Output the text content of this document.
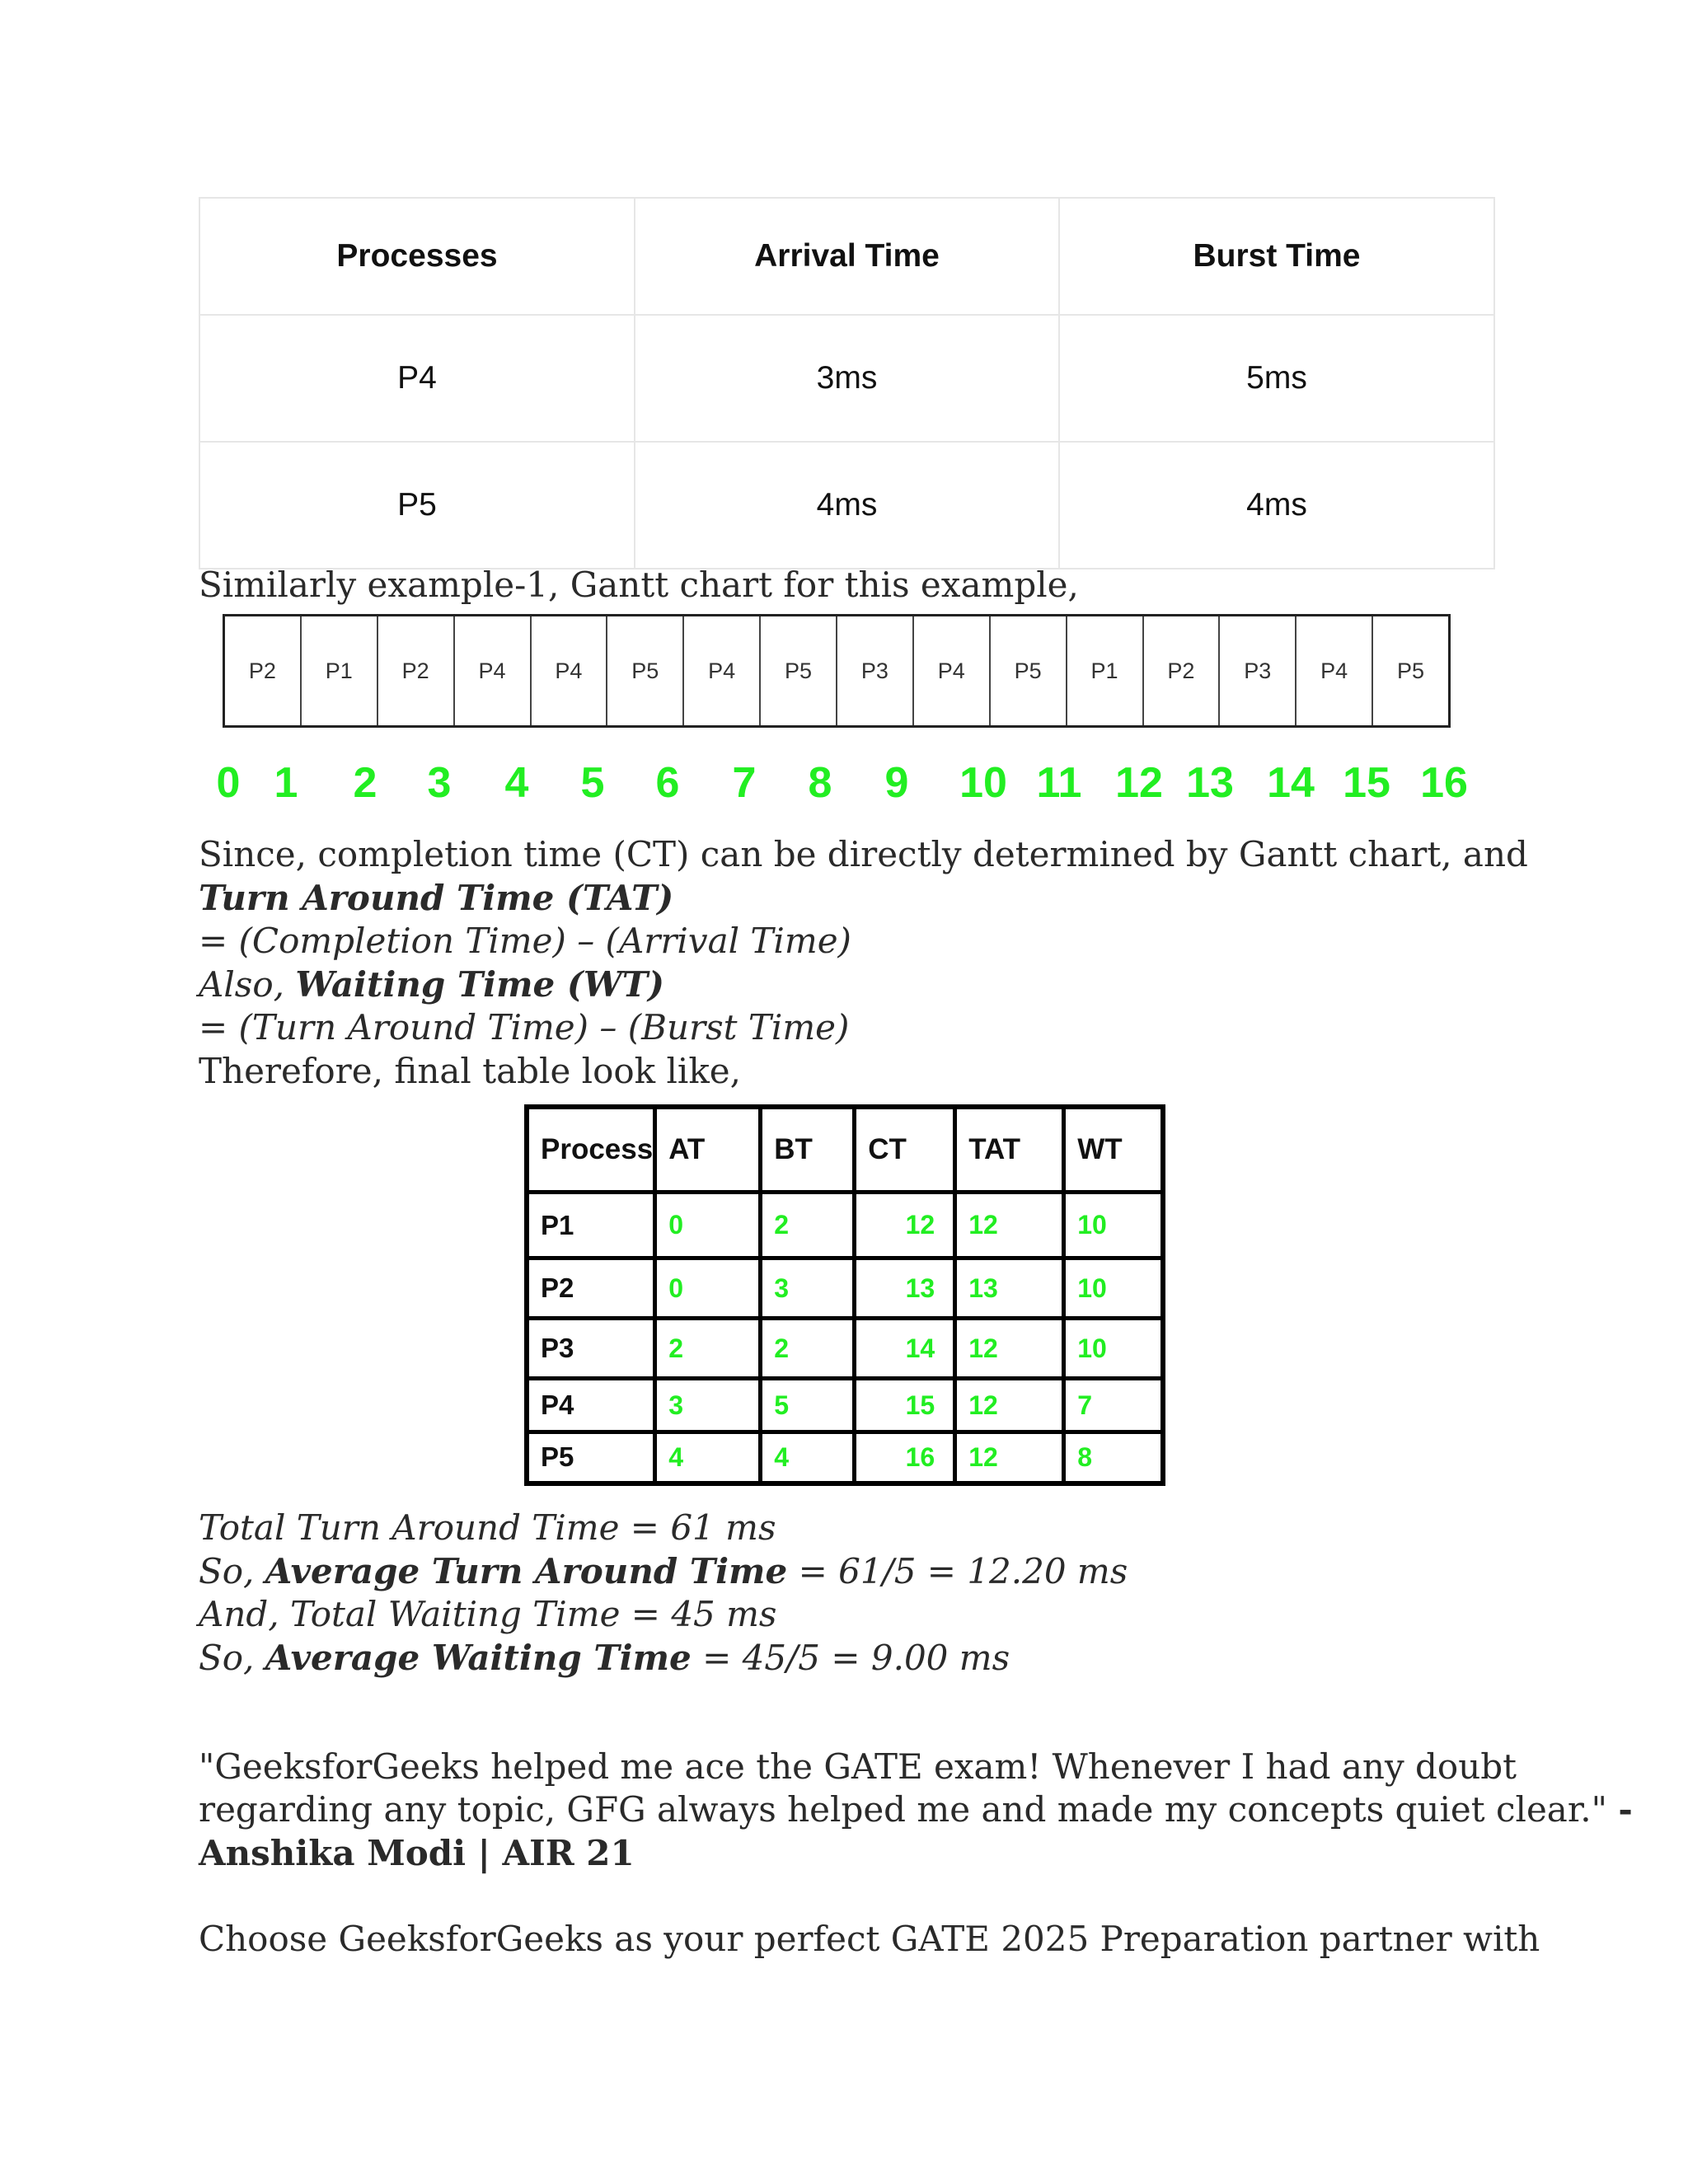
Processes	Arrival Time	Burst Time
P4	3ms	5ms
P5	4ms	4ms
Similarly example-1, Gantt chart for this example,
P2	P1	P2	P4	P4	P5	P4	P5	P3	P4	P5	P1	P2	P3	P4	P5
0 1 2 3 4 5 6 7 8 9 10 11 12 13 14 15 16
Since, completion time (CT) can be directly determined by Gantt chart, and
Turn Around Time (TAT)
= (Completion Time) – (Arrival Time)
Also, Waiting Time (WT)
= (Turn Around Time) – (Burst Time)
Therefore, final table look like,
Process	AT	BT	CT	TAT	WT
P1	0	2	12	12	10
P2	0	3	13	13	10
P3	2	2	14	12	10
P4	3	5	15	12	7
P5	4	4	16	12	8
Total Turn Around Time = 61 ms
So, Average Turn Around Time = 61/5 = 12.20 ms
And, Total Waiting Time = 45 ms
So, Average Waiting Time = 45/5 = 9.00 ms
"GeeksforGeeks helped me ace the GATE exam! Whenever I had any doubt
regarding any topic, GFG always helped me and made my concepts quiet clear." -
Anshika Modi | AIR 21
Choose GeeksforGeeks as your perfect GATE 2025 Preparation partner with
